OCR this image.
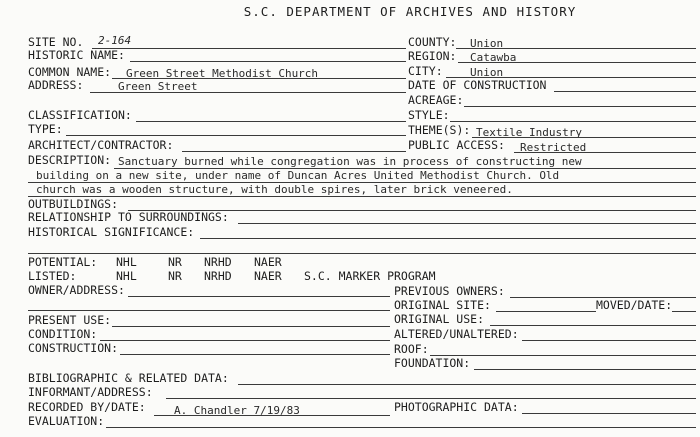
S.C. DEPARTMENT OF ARCHIVES AND HISTORY
SITE NO. 2-164
HISTORIC NAME:
COMMON NAME: Green Street Methodist Church
ADDRESS:	Green Street
CLASSIFICATION:
TYPE:
ARCHITECT/CONTRACTOR:
COUNTY: Union
REGION: Catawba
CITY: Union
DATE OF CONSTRUCTION
ACREAGE:
STYLE:
THEME(S): Textile Industry
PUBLIC ACCESS: Restricted
DESCRIPTION: Sanctuary burned while congregation was in process of constructing new
building on a new site, under name of Duncan Acres United Methodist Church. Old
church was a wooden structure, with double spires, later brick veneered.
OUTBUILDINGS:
RELATIONSHIP TO SURROUNDINGS:
HISTORICAL SIGNIFICANCE:
POTENTIAL: NHL	NR NRHD NAER
LISTED:	NHL	NR NRHD NAER S.C. MARKER PROGRAM
OWNER/ADDRESS:
PRESENT USE:
CONDITION:
CONSTRUCTION:
BIBLIOGRAPHIC & RELATED DATA:
INFORMANT/ADDRESS:
RECORDED BY/DATE:	A. Chandler 7/19/83
EVALUATION:
PREVIOUS OWNERS:
ORIGINAL SITE:	MOVED/DATE:
ORIGINAL USE:
ALTERED/UNALTERED:
ROOF:
FOUNDATION:
PHOTOGRAPHIC DATA:
